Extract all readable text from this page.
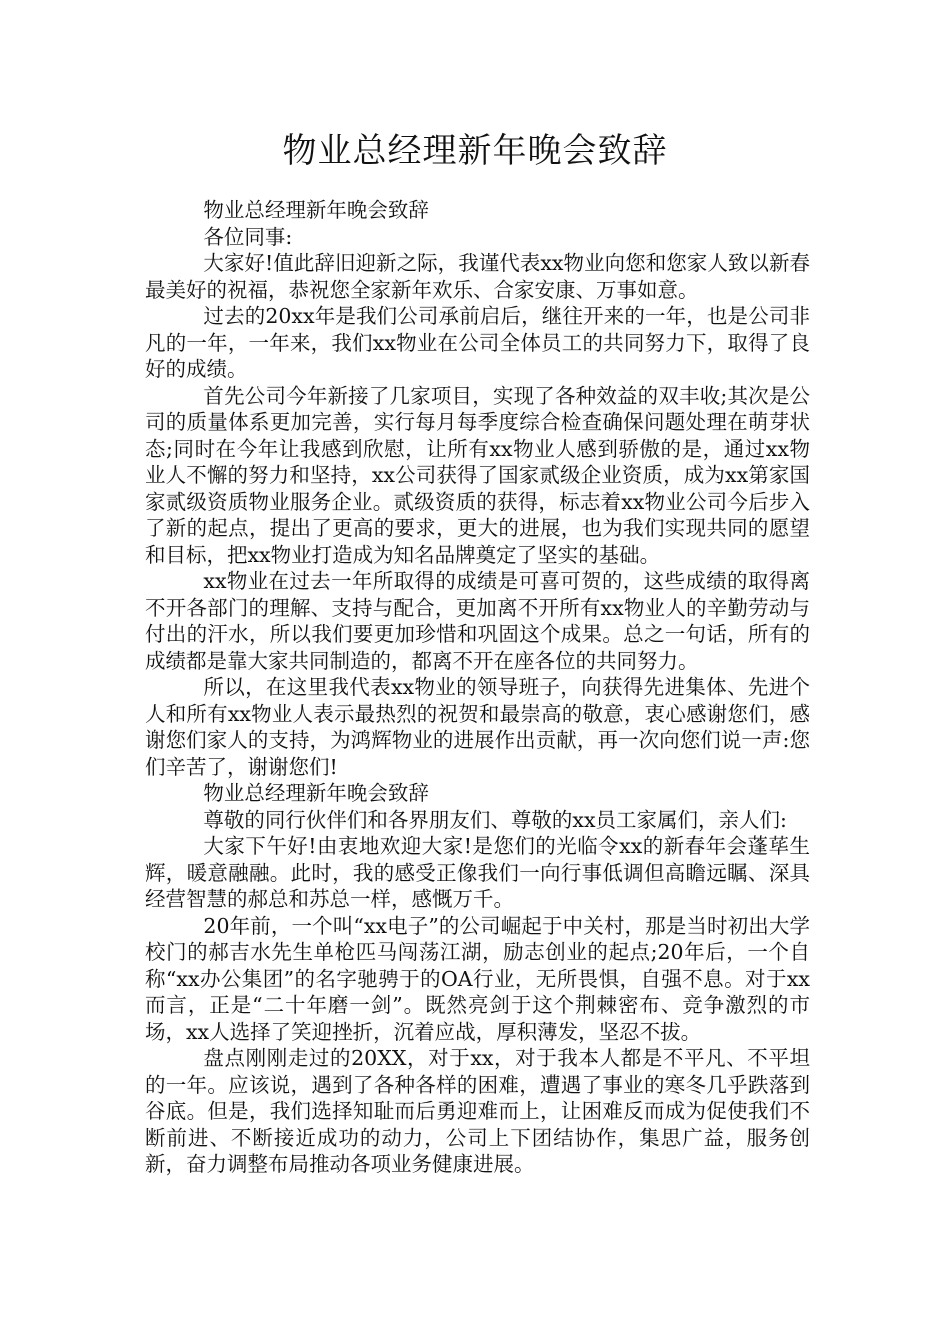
物业总经理新年晚会致辞

物业总经理新年晚会致辞

各位同事:

大家好!值此辞旧迎新之际，我谨代表xx物业向您和您家人致以新春最美好的祝福，恭祝您全家新年欢乐、合家安康、万事如意。

过去的20xx年是我们公司承前启后，继往开来的一年，也是公司非凡的一年，一年来，我们xx物业在公司全体员工的共同努力下，取得了良好的成绩。

首先公司今年新接了几家项目，实现了各种效益的双丰收;其次是公司的质量体系更加完善，实行每月每季度综合检查确保问题处理在萌芽状态;同时在今年让我感到欣慰，让所有xx物业人感到骄傲的是，通过xx物业人不懈的努力和坚持，xx公司获得了国家贰级企业资质，成为xx第家国家贰级资质物业服务企业。贰级资质的获得，标志着xx物业公司今后步入了新的起点，提出了更高的要求，更大的进展，也为我们实现共同的愿望和目标，把xx物业打造成为知名品牌奠定了坚实的基础。

xx物业在过去一年所取得的成绩是可喜可贺的，这些成绩的取得离不开各部门的理解、支持与配合，更加离不开所有xx物业人的辛勤劳动与付出的汗水，所以我们要更加珍惜和巩固这个成果。总之一句话，所有的成绩都是靠大家共同制造的，都离不开在座各位的共同努力。

所以，在这里我代表xx物业的领导班子，向获得先进集体、先进个人和所有xx物业人表示最热烈的祝贺和最崇高的敬意，衷心感谢您们，感谢您们家人的支持，为鸿辉物业的进展作出贡献，再一次向您们说一声:您们辛苦了，谢谢您们!

物业总经理新年晚会致辞

尊敬的同行伙伴们和各界朋友们、尊敬的xx员工家属们，亲人们:

大家下午好!由衷地欢迎大家!是您们的光临令xx的新春年会蓬荜生辉，暖意融融。此时，我的感受正像我们一向行事低调但高瞻远瞩、深具经营智慧的郝总和苏总一样，感慨万千。

20年前，一个叫“xx电子”的公司崛起于中关村，那是当时初出大学校门的郝吉水先生单枪匹马闯荡江湖，励志创业的起点;20年后，一个自称“xx办公集团”的名字驰骋于的OA行业，无所畏惧，自强不息。对于xx而言，正是“二十年磨一剑”。既然亮剑于这个荆棘密布、竞争激烈的市场，xx人选择了笑迎挫折，沉着应战，厚积薄发，坚忍不拔。

盘点刚刚走过的20XX，对于xx，对于我本人都是不平凡、不平坦的一年。应该说，遇到了各种各样的困难，遭遇了事业的寒冬几乎跌落到谷底。但是，我们选择知耻而后勇迎难而上，让困难反而成为促使我们不断前进、不断接近成功的动力，公司上下团结协作，集思广益，服务创新，奋力调整布局推动各项业务健康进展。
